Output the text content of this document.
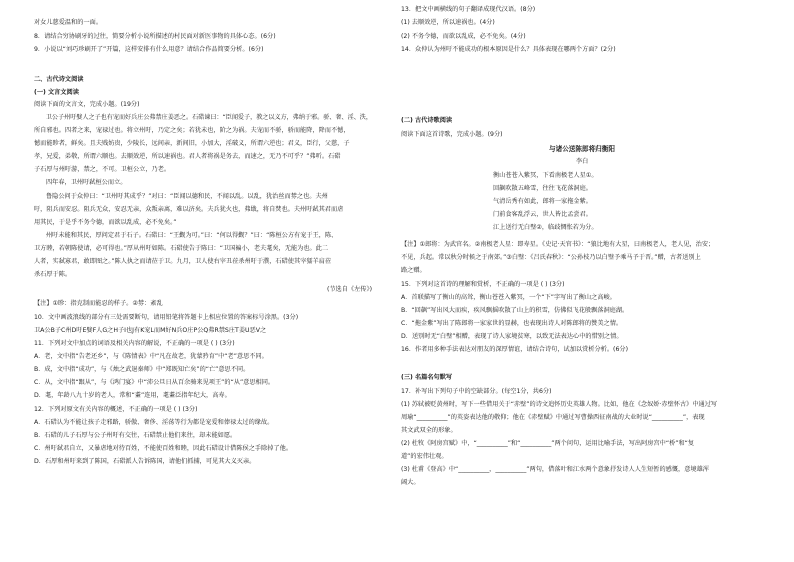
对女儿慈爱温和的一面。
8．请结合穷协刷牙的过往，简要分析小说所描述的村民面对新医事物的具体心态。(6分)
9．小说以“刘巧珍刷开了”开篇，这样安排有什么用意？请结合作品简要分析。(6分)
二、古代诗文阅读
(一) 文言文阅读
阅读下面的文言文，完成小题。(19分)
卫公子州吁嬖人之子也有宠而好兵庄公弗禁庄姜恶之。石碏谏曰：“臣闻爱子，教之以义方，弗纳于邪。骄、奢、淫、泆，
所自邪也。四者之来，宠禄过也。将立州吁，乃定之矣；若犹未也，阶之为祸。夫宠而不骄，骄而能降，降而不憾，
憾而能眕者，鲜矣。且夫贱妨贵，少陵长，远间亲，新间旧，小加大，淫破义，所谓六逆也；君义，臣行，父慈，子
孝，兄爱，弟敬，所谓六顺也。去顺效逆，所以速祸也。君人者将祸是务去，而速之，无乃不可乎？”弗听。石碏
子石厚与州吁游，禁之，不可。卫桓公立，乃老。
四年春，卫州吁弑桓公而立。
鲁隐公问于众仲曰：“卫州吁其成乎？”对曰：“臣闻以德和民，不闻以乱。以乱，犹治丝而棼之也。夫州
吁，阻兵而安忍。阻兵无众，安忍无亲，众叛亲离，难以济矣。夫兵犹火也，弗戢，将自焚也。夫州吁弑其君而虐
用其民，于是乎不务令德，而欲以乱成，必不免矣。”
州吁未能和其民，厚问定君于石子。石碏曰：“王觐为可。”曰：“何以得觐？”曰：“陈桓公方有宠于王，陈、
卫方睦，若朝陈使请，必可得也。”厚从州吁如陈。石碏使告于陈曰：“卫国褊小，老夫耄矣，无能为也。此二
人者，实弑寡君，敢即图之。”陈人执之而请莅于卫。九月，卫人使右宰丑莅杀州吁于濮，石碏使其宰獳羊肩莅
杀石厚于陈。
(节选自《左传》)
【注】①眕：指克制而能忍的样子。②棼：紊乱
10．文中画波浪线的部分有三处需要断句，请用铅笔将答题卡上相应位置的答案标号涂黑。(3分)
卫A公B子C州D吁E嬖F人G之H子I也J有K宠L而M好N兵O庄P公Q弗R禁S庄T姜U恶V之
11．下列对文中加点的词语及相关内容的解说，不正确的一项是 ( ) (3分)
A．老，文中指“告老还乡”，与《陈情表》中“凡在故老，犹蒙矜育”中“老”意思不同。
B．成，文中指“成功”，与《烛之武退秦师》中“郑既知亡矣”的“亡”意思不同。
C．从，文中指“跟从”，与《鸿门宴》中“沛公旦日从百余骑来见项王”的“从”意思相同。
D．耄，年龄八九十岁的老人，常和“耋”连用，耄耋泛指年纪大，高寿。
12．下列对原文有关内容的概述，不正确的一项是 ( ) (3分)
A．石碏认为不能让孩子走邪路，骄傲、奢侈、淫荡等行为都是宠爱和俸禄太过的缘故。
B．石碏的儿子石厚与公子州吁有交往，石碏禁止他们来往，却未能如愿。
C．州吁弑君自立，又暴虐地对待百姓，不能使百姓和睦，因此石碏设计借陈侯之手除掉了他。
D．石厚和州吁来到了陈国，石碏派人告诉陈国，请他们抓捕，可见其大义灭亲。
13．把文中画横线的句子翻译成现代汉语。(8分)
(1) 去顺效逆，所以速祸也。(4分)
(2) 不务令德，而欲以乱成，必不免矣。(4分)
14．众仲认为州吁不能成功的根本原因是什么？具体表现在哪两个方面？(2分)
(二) 古代诗歌阅读
阅读下面这首诗歌，完成小题。(9分)
与诸公送陈郎将归衡阳
李白
衡山苍苍入紫冥，下看南极老人星①。
回飙吹散五峰雪，往往飞花落洞庭。
气清岳秀有如此，郎将一家拖金紫。
门前食客乱浮云，世人皆比孟尝君。
江上送行无白璧②，临歧惆怅若为分。
【注】①郎将：为武官名。②南极老人星：即寿星。《史记·天官书》：“狼比地有大星，曰南极老人，老人见，治安；
不见，兵起。常以秋分时候之于南郊。”③白璧：《吕氏春秋》：“公孙枝乃以白璧予乘马予于晋。”赠，古者送别上
路之赠。
15．下列对这首诗的理解和赏析，不正确的一项是 ( ) (3分)
A．首联描写了衡山的高耸，衡山苍苍入紫冥，一个“下”字写出了衡山之高峻。
B．“回飙”写出风大而疾，疾风飘摇吹散了山上的积雪，仿佛似飞花般飘落洞庭湖。
C．“拖金紫”写出了陈郎将一家家世的显赫，也表现出诗人对陈郎将的赞美之情。
D．送别时无“白璧”相赠，表现了诗人家境贫寒，以致无法表达心中的惜别之情。
16．作者用多种手法表达对朋友的深厚情谊，请结合诗句，试加以赏析分析。(6分)
(三) 名篇名句默写
17．补写出下列句子中的空缺部分。(每空1分，共6分)
(1) 苏轼被贬黄州时，写下一些借用关于“赤壁”的诗文追怀历史英雄人物。比如，他在《念奴娇·赤壁怀古》中通过写
周瑜“__________”的英姿表达他的敬仰；他在《赤壁赋》中通过写曹操西征南战的大业时说“__________”，表现
其文武双全的形象。
(2) 杜牧《阿房宫赋》中，“__________”和“__________”两个问句，运用比喻手法，写出阿房宫中“桥”和“复
道”的宏伟壮观。
(3) 杜甫《登高》中“__________，__________”两句，借落叶和江水两个意象抒发诗人人生短暂的感慨，意境雄浑
阔大。
